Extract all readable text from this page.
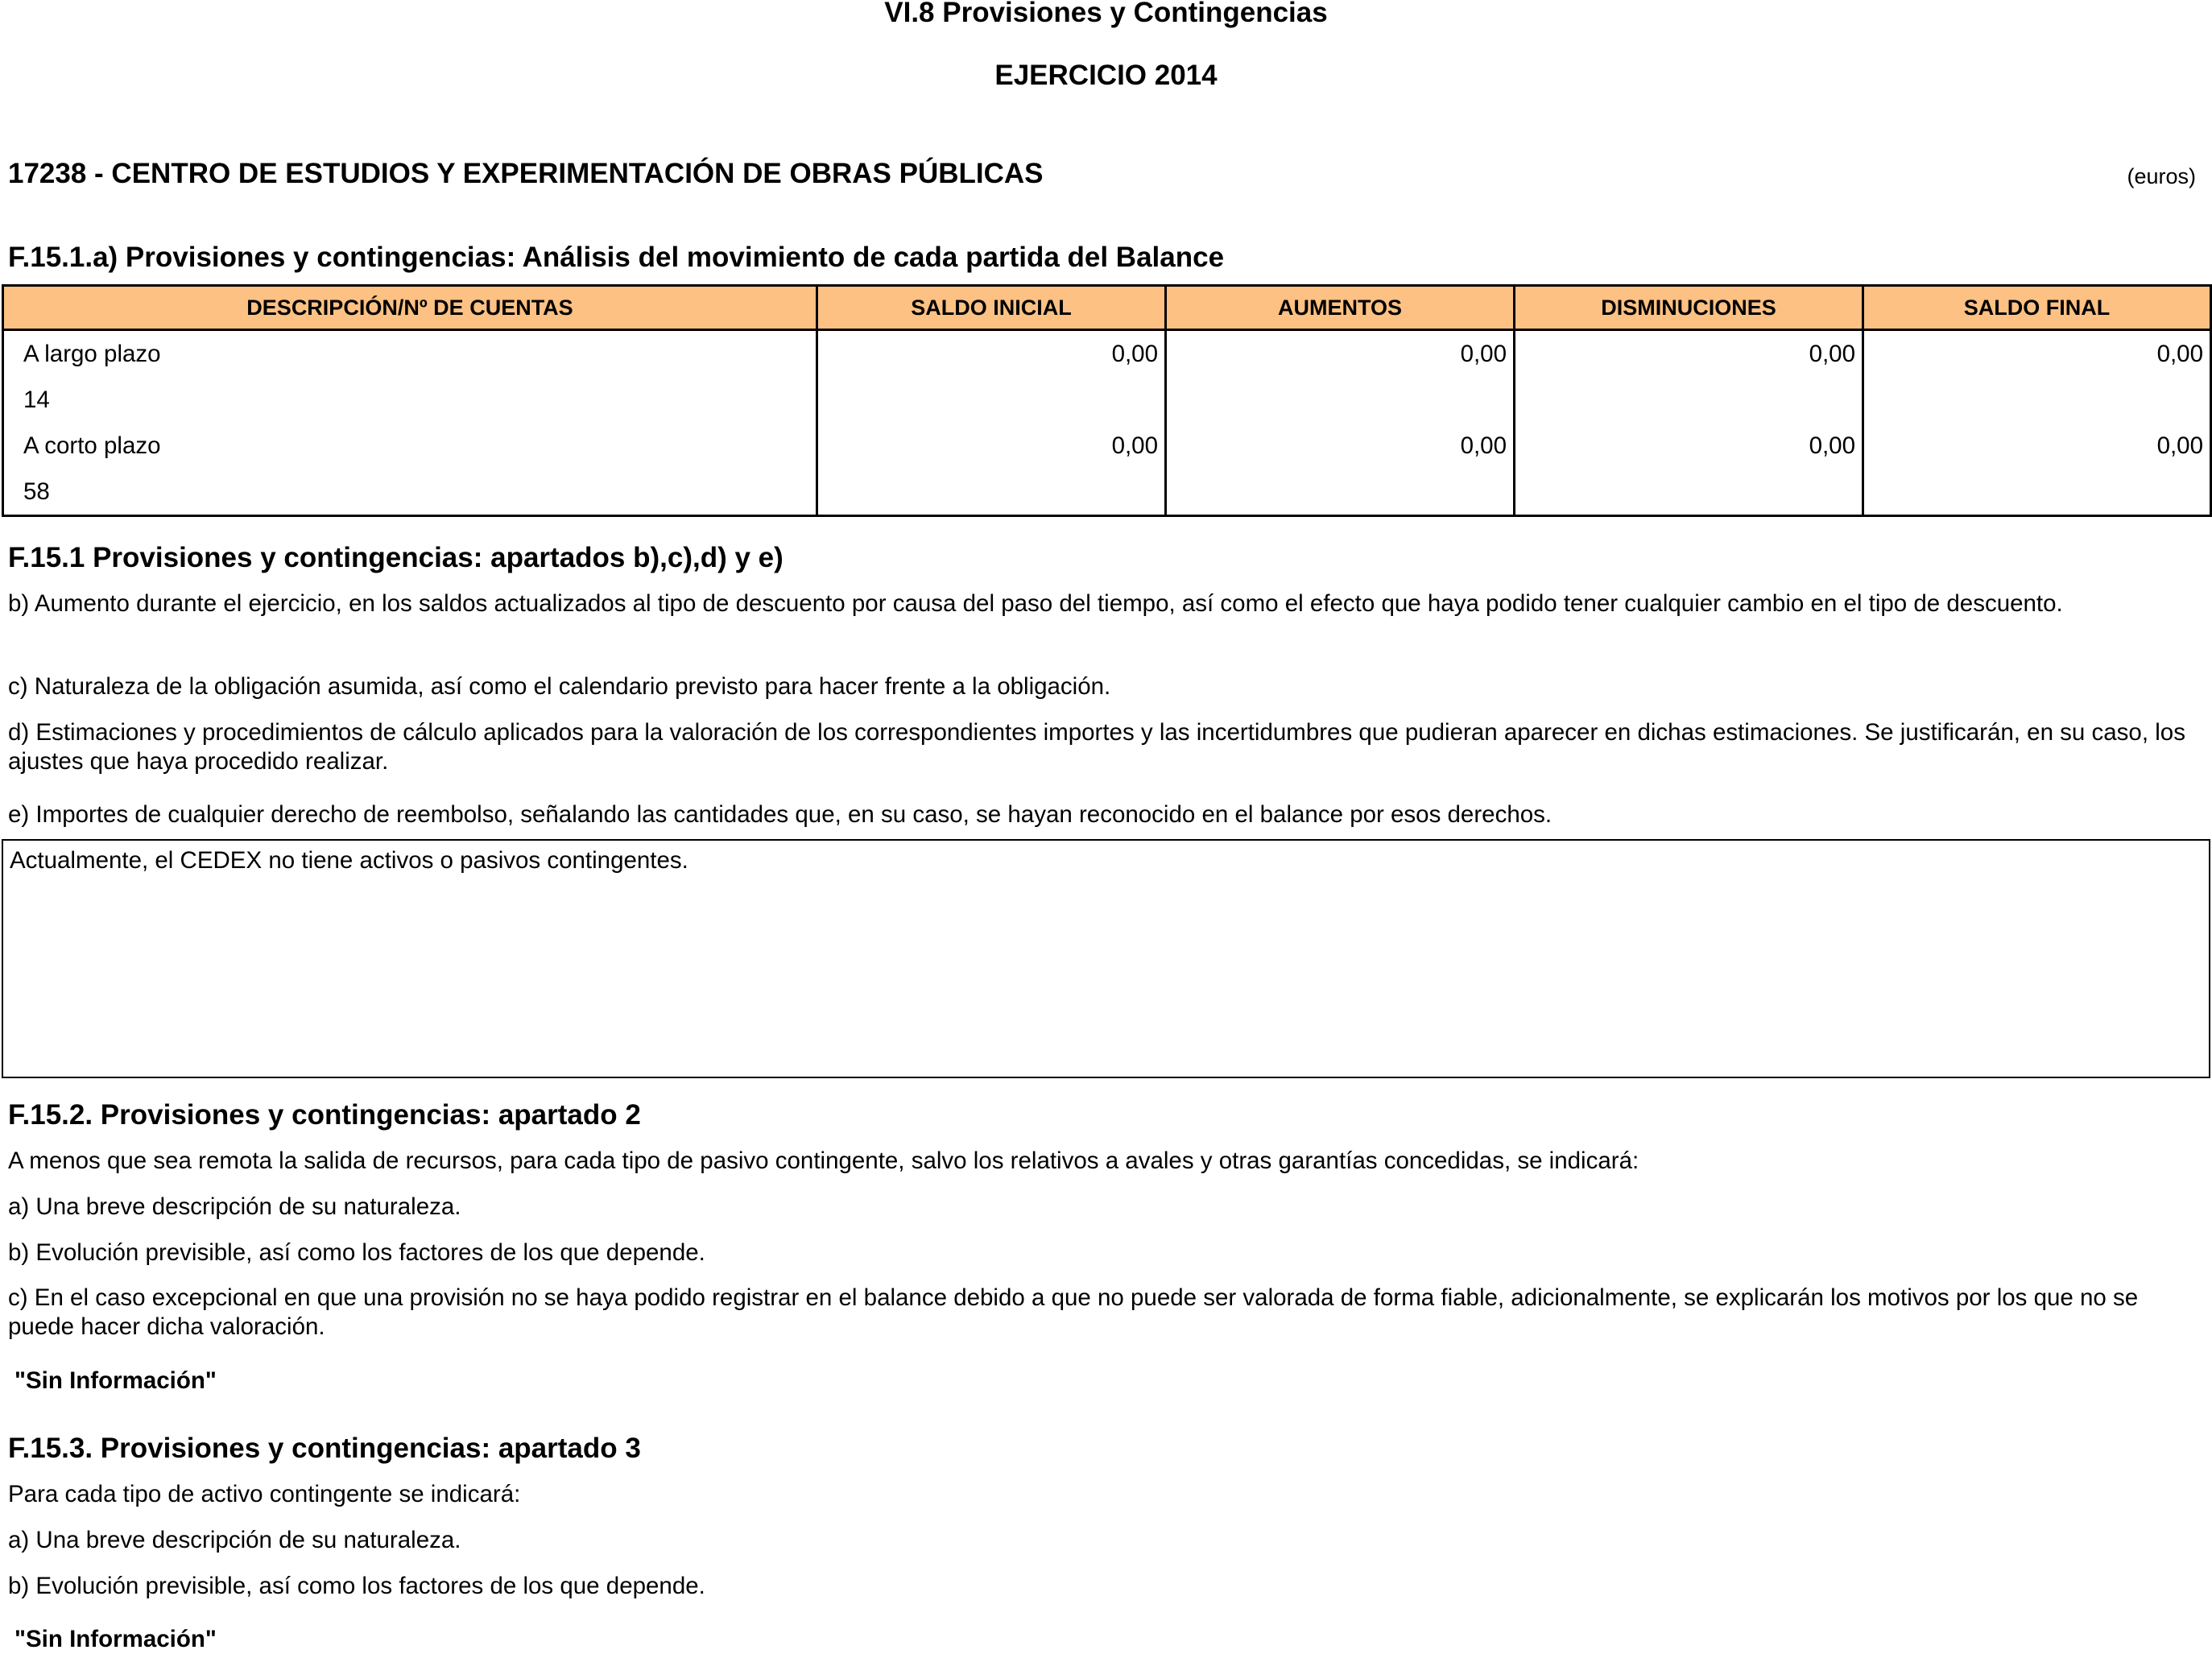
VI.8 Provisiones y Contingencias
EJERCICIO 2014
17238 - CENTRO DE ESTUDIOS Y EXPERIMENTACIÓN DE OBRAS PÚBLICAS	(euros)
F.15.1.a) Provisiones y contingencias: Análisis del movimiento de cada partida del Balance
DESCRIPCIÓN/Nº DE CUENTAS	SALDO INICIAL	AUMENTOS	DISMINUCIONES	SALDO FINAL
A largo plazo	0,00	0,00	0,00	0,00
14				
A corto plazo	0,00	0,00	0,00	0,00
58				
F.15.1 Provisiones y contingencias: apartados b),c),d) y e)
b) Aumento durante el ejercicio, en los saldos actualizados al tipo de descuento por causa del paso del tiempo, así como el efecto que haya podido tener cualquier cambio en el tipo de descuento.
c) Naturaleza de la obligación asumida, así como el calendario previsto para hacer frente a la obligación.
d) Estimaciones y procedimientos de cálculo aplicados para la valoración de los correspondientes importes y las incertidumbres que pudieran aparecer en dichas estimaciones. Se justificarán, en su caso, los ajustes que haya procedido realizar.
e) Importes de cualquier derecho de reembolso, señalando las cantidades que, en su caso, se hayan reconocido en el balance por esos derechos.
Actualmente, el CEDEX no tiene activos o pasivos contingentes.
F.15.2. Provisiones y contingencias: apartado 2
A menos que sea remota la salida de recursos, para cada tipo de pasivo contingente, salvo los relativos a avales y otras garantías concedidas, se indicará:
a) Una breve descripción de su naturaleza.
b) Evolución previsible, así como los factores de los que depende.
c) En el caso excepcional en que una provisión no se haya podido registrar en el balance debido a que no puede ser valorada de forma fiable, adicionalmente, se explicarán los motivos por los que no se puede hacer dicha valoración.
"Sin Información"
F.15.3. Provisiones y contingencias: apartado 3
Para cada tipo de activo contingente se indicará:
a) Una breve descripción de su naturaleza.
b) Evolución previsible, así como los factores de los que depende.
"Sin Información"
